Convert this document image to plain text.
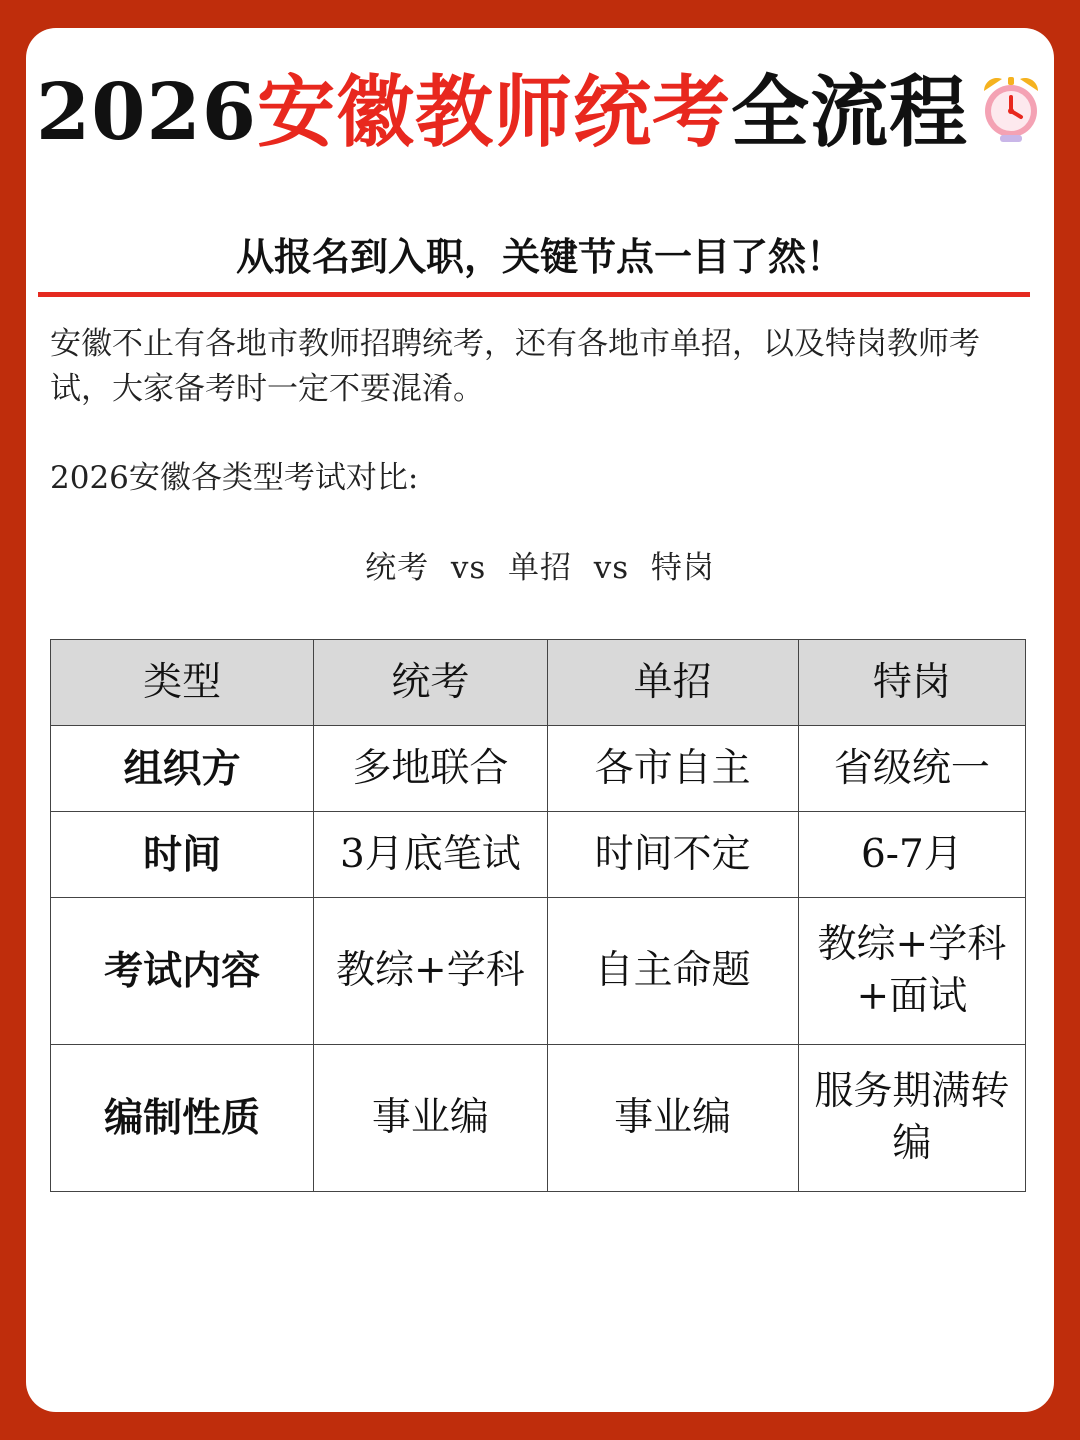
2026安徽教师统考全流程
从报名到入职，关键节点一目了然！

安徽不止有各地市教师招聘统考，还有各地市单招，以及特岗教师考试，大家备考时一定不要混淆。

2026安徽各类型考试对比:
统考  vs  单招  vs  特岗
类型	统考	单招	特岗
组织方	多地联合	各市自主	省级统一
时间	3月底笔试	时间不定	6-7月
考试内容	教综+学科	自主命题	教综+学科+面试
编制性质	事业编	事业编	服务期满转编
